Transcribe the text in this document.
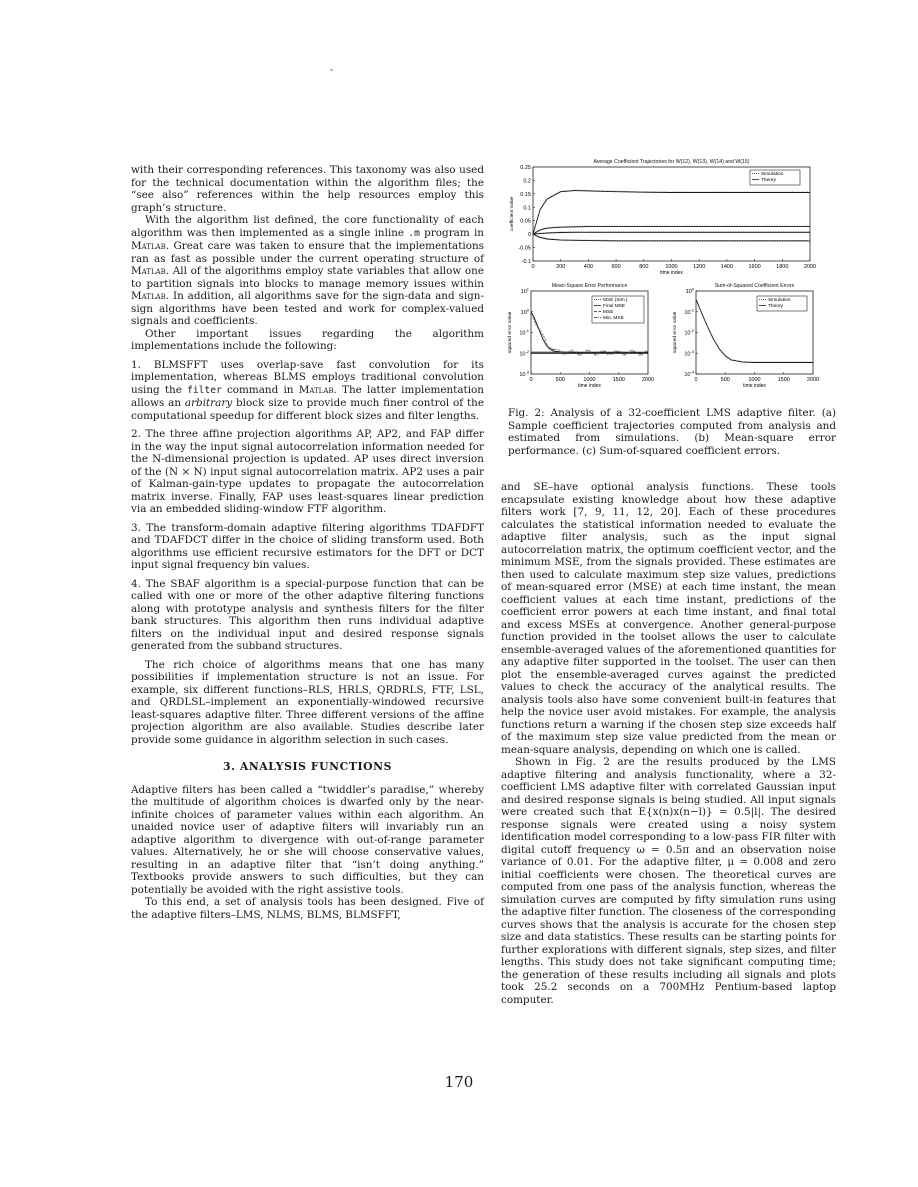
with their corresponding references. This taxonomy was also used for the technical documentation within the algorithm files; the “see also” references within the help resources employ this graph’s structure.

With the algorithm list defined, the core functionality of each algorithm was then implemented as a single inline .m program in Matlab. Great care was taken to ensure that the implementations ran as fast as possible under the current operating structure of Matlab. All of the algorithms employ state variables that allow one to partition signals into blocks to manage memory issues within Matlab. In addition, all algorithms save for the sign-data and sign-sign algorithms have been tested and work for complex-valued signals and coefficients.

Other important issues regarding the algorithm implementations include the following:

1. BLMSFFT uses overlap-save fast convolution for its implementation, whereas BLMS employs traditional convolution using the filter command in Matlab. The latter implementation allows an arbitrary block size to provide much finer control of the computational speedup for different block sizes and filter lengths.

2. The three affine projection algorithms AP, AP2, and FAP differ in the way the input signal autocorrelation information needed for the N-dimensional projection is updated. AP uses direct inversion of the (N × N) input signal autocorrelation matrix. AP2 uses a pair of Kalman-gain-type updates to propagate the autocorrelation matrix inverse. Finally, FAP uses least-squares linear prediction via an embedded sliding-window FTF algorithm.

3. The transform-domain adaptive filtering algorithms TDAFDFT and TDAFDCT differ in the choice of sliding transform used. Both algorithms use efficient recursive estimators for the DFT or DCT input signal frequency bin values.

4. The SBAF algorithm is a special-purpose function that can be called with one or more of the other adaptive filtering functions along with prototype analysis and synthesis filters for the filter bank structures. This algorithm then runs individual adaptive filters on the individual input and desired response signals generated from the subband structures.

The rich choice of algorithms means that one has many possibilities if implementation structure is not an issue. For example, six different functions–RLS, HRLS, QRDRLS, FTF, LSL, and QRDLSL–implement an exponentially-windowed recursive least-squares adaptive filter. Three different versions of the affine projection algorithm are also available. Studies describe later provide some guidance in algorithm selection in such cases.

3. ANALYSIS FUNCTIONS

Adaptive filters has been called a “twiddler’s paradise,” whereby the multitude of algorithm choices is dwarfed only by the near-infinite choices of parameter values within each algorithm. An unaided novice user of adaptive filters will invariably run an adaptive algorithm to divergence with out-of-range parameter values. Alternatively, he or she will choose conservative values, resulting in an adaptive filter that “isn’t doing anything.” Textbooks provide answers to such difficulties, but they can potentially be avoided with the right assistive tools.

To this end, a set of analysis tools has been designed. Five of the adaptive filters–LMS, NLMS, BLMS, BLMSFFT,

Average Coefficient Trajectories for W(12), W(13), W(14) and W(15)
0	200	400	600	800	1000	1200	1400	1600	1800	2000
time index
0.25
0.2
0.15
0.1
0.05
0
-0.05
-0.1
coefficient value
Simulation
Theory
Mean-Square Error Performance
0	500	1000	1500	2000
time index
$10^1$
$10^0$
$10^{-1}$
$10^{-2}$
$10^{-3}$
squared error value
MSE (Sim.)
Final MSE
MSE
Min. MSE
Sum-of-Squared Coefficient Errors
0	500	1000	1500	2000
time index
$10^0$
$10^{-1}$
$10^{-2}$
$10^{-3}$
$10^{-4}$
squared error value
Simulation
Theory
Fig. 2: Analysis of a 32-coefficient LMS adaptive filter. (a) Sample coefficient trajectories computed from analysis and estimated from simulations. (b) Mean-square error performance. (c) Sum-of-squared coefficient errors.

and SE–have optional analysis functions. These tools encapsulate existing knowledge about how these adaptive filters work [7, 9, 11, 12, 20]. Each of these procedures calculates the statistical information needed to evaluate the adaptive filter analysis, such as the input signal autocorrelation matrix, the optimum coefficient vector, and the minimum MSE, from the signals provided. These estimates are then used to calculate maximum step size values, predictions of mean-squared error (MSE) at each time instant, the mean coefficient values at each time instant, predictions of the coefficient error powers at each time instant, and final total and excess MSEs at convergence. Another general-purpose function provided in the toolset allows the user to calculate ensemble-averaged values of the aforementioned quantities for any adaptive filter supported in the toolset. The user can then plot the ensemble-averaged curves against the predicted values to check the accuracy of the analytical results. The analysis tools also have some convenient built-in features that help the novice user avoid mistakes. For example, the analysis functions return a warning if the chosen step size exceeds half of the maximum step size value predicted from the mean or mean-square analysis, depending on which one is called.

Shown in Fig. 2 are the results produced by the LMS adaptive filtering and analysis functionality, where a 32-coefficient LMS adaptive filter with correlated Gaussian input and desired response signals is being studied. All input signals were created such that E{x(n)x(n−l)} = 0.5|l|. The desired response signals were created using a noisy system identification model corresponding to a low-pass FIR filter with digital cutoff frequency ω = 0.5π and an observation noise variance of 0.01. For the adaptive filter, μ = 0.008 and zero initial coefficients were chosen. The theoretical curves are computed from one pass of the analysis function, whereas the simulation curves are computed by fifty simulation runs using the adaptive filter function. The closeness of the corresponding curves shows that the analysis is accurate for the chosen step size and data statistics. These results can be starting points for further explorations with different signals, step sizes, and filter lengths. This study does not take significant computing time; the generation of these results including all signals and plots took 25.2 seconds on a 700MHz Pentium-based laptop computer.

170
